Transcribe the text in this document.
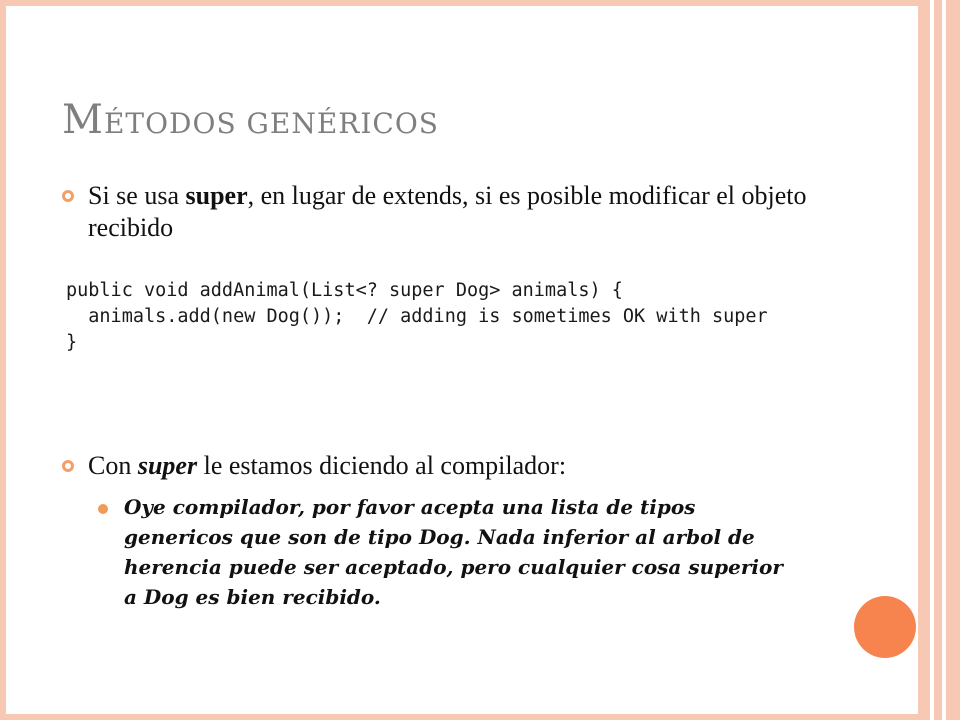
MÉTODOS GENÉRICOS
Si se usa super, en lugar de extends, si es posible modificar el objeto recibido
public void addAnimal(List<? super Dog> animals) {
animals.add(new Dog());  // adding is sometimes OK with super
}
Con super le estamos diciendo al compilador:
Oye compilador, por favor acepta una lista de tipos genericos que son de tipo Dog. Nada inferior al arbol de herencia puede ser aceptado, pero cualquier cosa superior a Dog es bien recibido.
